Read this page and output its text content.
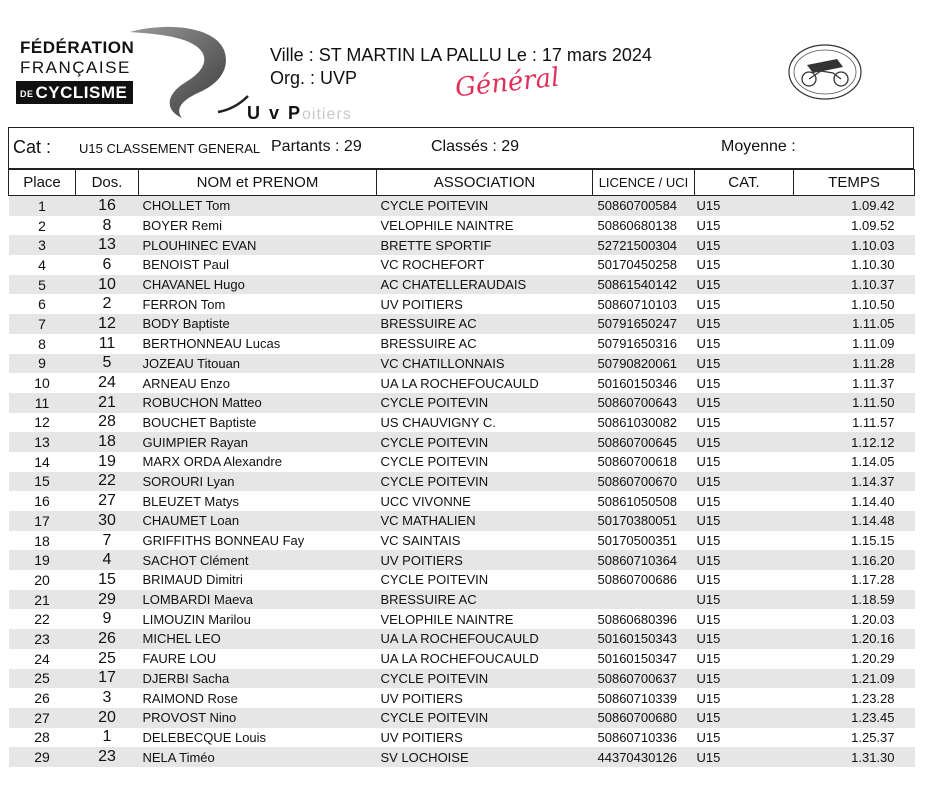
FÉDÉRATION
FRANÇAISE
DE CYCLISME
U v Poitiers
Ville : ST MARTIN LA PALLU Le : 17 mars 2024
Org. : UVP	Général
Cat : U15 CLASSEMENT GENERAL Partants : 29	Classés : 29	Moyenne :
Place	Dos.	NOM et PRENOM	ASSOCIATION	LICENCE / UCI	CAT.	TEMPS
1	16	CHOLLET Tom	CYCLE POITEVIN	50860700584	U15	1.09.42
2	8	BOYER Remi	VELOPHILE NAINTRE	50860680138	U15	1.09.52
3	13	PLOUHINEC EVAN	BRETTE SPORTIF	52721500304	U15	1.10.03
4	6	BENOIST Paul	VC ROCHEFORT	50170450258	U15	1.10.30
5	10	CHAVANEL Hugo	AC CHATELLERAUDAIS	50861540142	U15	1.10.37
6	2	FERRON Tom	UV POITIERS	50860710103	U15	1.10.50
7	12	BODY Baptiste	BRESSUIRE AC	50791650247	U15	1.11.05
8	11	BERTHONNEAU Lucas	BRESSUIRE AC	50791650316	U15	1.11.09
9	5	JOZEAU Titouan	VC CHATILLONNAIS	50790820061	U15	1.11.28
10	24	ARNEAU Enzo	UA LA ROCHEFOUCAULD	50160150346	U15	1.11.37
11	21	ROBUCHON Matteo	CYCLE POITEVIN	50860700643	U15	1.11.50
12	28	BOUCHET Baptiste	US CHAUVIGNY C.	50861030082	U15	1.11.57
13	18	GUIMPIER Rayan	CYCLE POITEVIN	50860700645	U15	1.12.12
14	19	MARX ORDA Alexandre	CYCLE POITEVIN	50860700618	U15	1.14.05
15	22	SOROURI Lyan	CYCLE POITEVIN	50860700670	U15	1.14.37
16	27	BLEUZET Matys	UCC VIVONNE	50861050508	U15	1.14.40
17	30	CHAUMET Loan	VC MATHALIEN	50170380051	U15	1.14.48
18	7	GRIFFITHS BONNEAU Fay	VC SAINTAIS	50170500351	U15	1.15.15
19	4	SACHOT Clément	UV POITIERS	50860710364	U15	1.16.20
20	15	BRIMAUD Dimitri	CYCLE POITEVIN	50860700686	U15	1.17.28
21	29	LOMBARDI Maeva	BRESSUIRE AC		U15	1.18.59
22	9	LIMOUZIN Marilou	VELOPHILE NAINTRE	50860680396	U15	1.20.03
23	26	MICHEL LEO	UA LA ROCHEFOUCAULD	50160150343	U15	1.20.16
24	25	FAURE LOU	UA LA ROCHEFOUCAULD	50160150347	U15	1.20.29
25	17	DJERBI Sacha	CYCLE POITEVIN	50860700637	U15	1.21.09
26	3	RAIMOND Rose	UV POITIERS	50860710339	U15	1.23.28
27	20	PROVOST Nino	CYCLE POITEVIN	50860700680	U15	1.23.45
28	1	DELEBECQUE Louis	UV POITIERS	50860710336	U15	1.25.37
29	23	NELA Timéo	SV LOCHOISE	44370430126	U15	1.31.30
